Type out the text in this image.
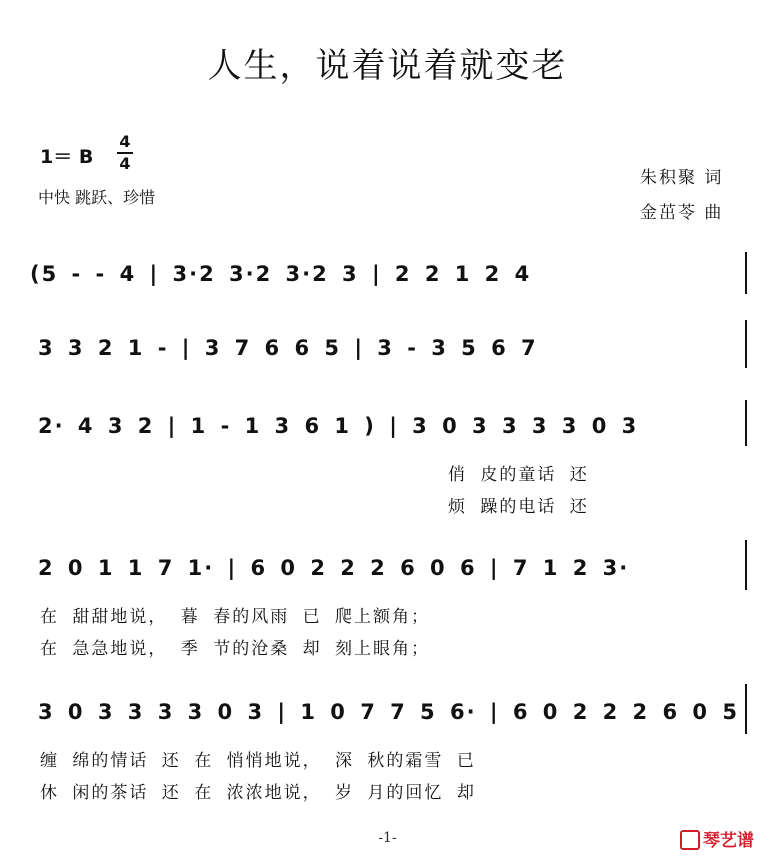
人生，说着说着就变老
1＝ B
4
4
中快 跳跃、珍惜
朱积聚 词
金茁苓 曲
(5 - - 4 | 3·2 3·2 3·2 3 | 2 2 1 2 4
3 3 2 1 - | 3 7 6 6 5 | 3 - 3 5 6 7
2· 4 3 2 | 1 - 1 3 6 1 ) | 3 0 3 3 3 3 0 3
俏 皮的童话 还
烦 躁的电话 还
2 0 1 1 7 1· | 6 0 2 2 2 6 0 6 | 7 1 2 3·
在 甜甜地说， 暮 春的风雨 已 爬上额角；
在 急急地说， 季 节的沧桑 却 刻上眼角；
3 0 3 3 3 3 0 3 | 1 0 7 7 5 6· | 6 0 2 2 2 6 0 5
缠 绵的情话 还 在 悄悄地说， 深 秋的霜雪 已
休 闲的茶话 还 在 浓浓地说， 岁 月的回忆 却
-1-	琴艺谱
